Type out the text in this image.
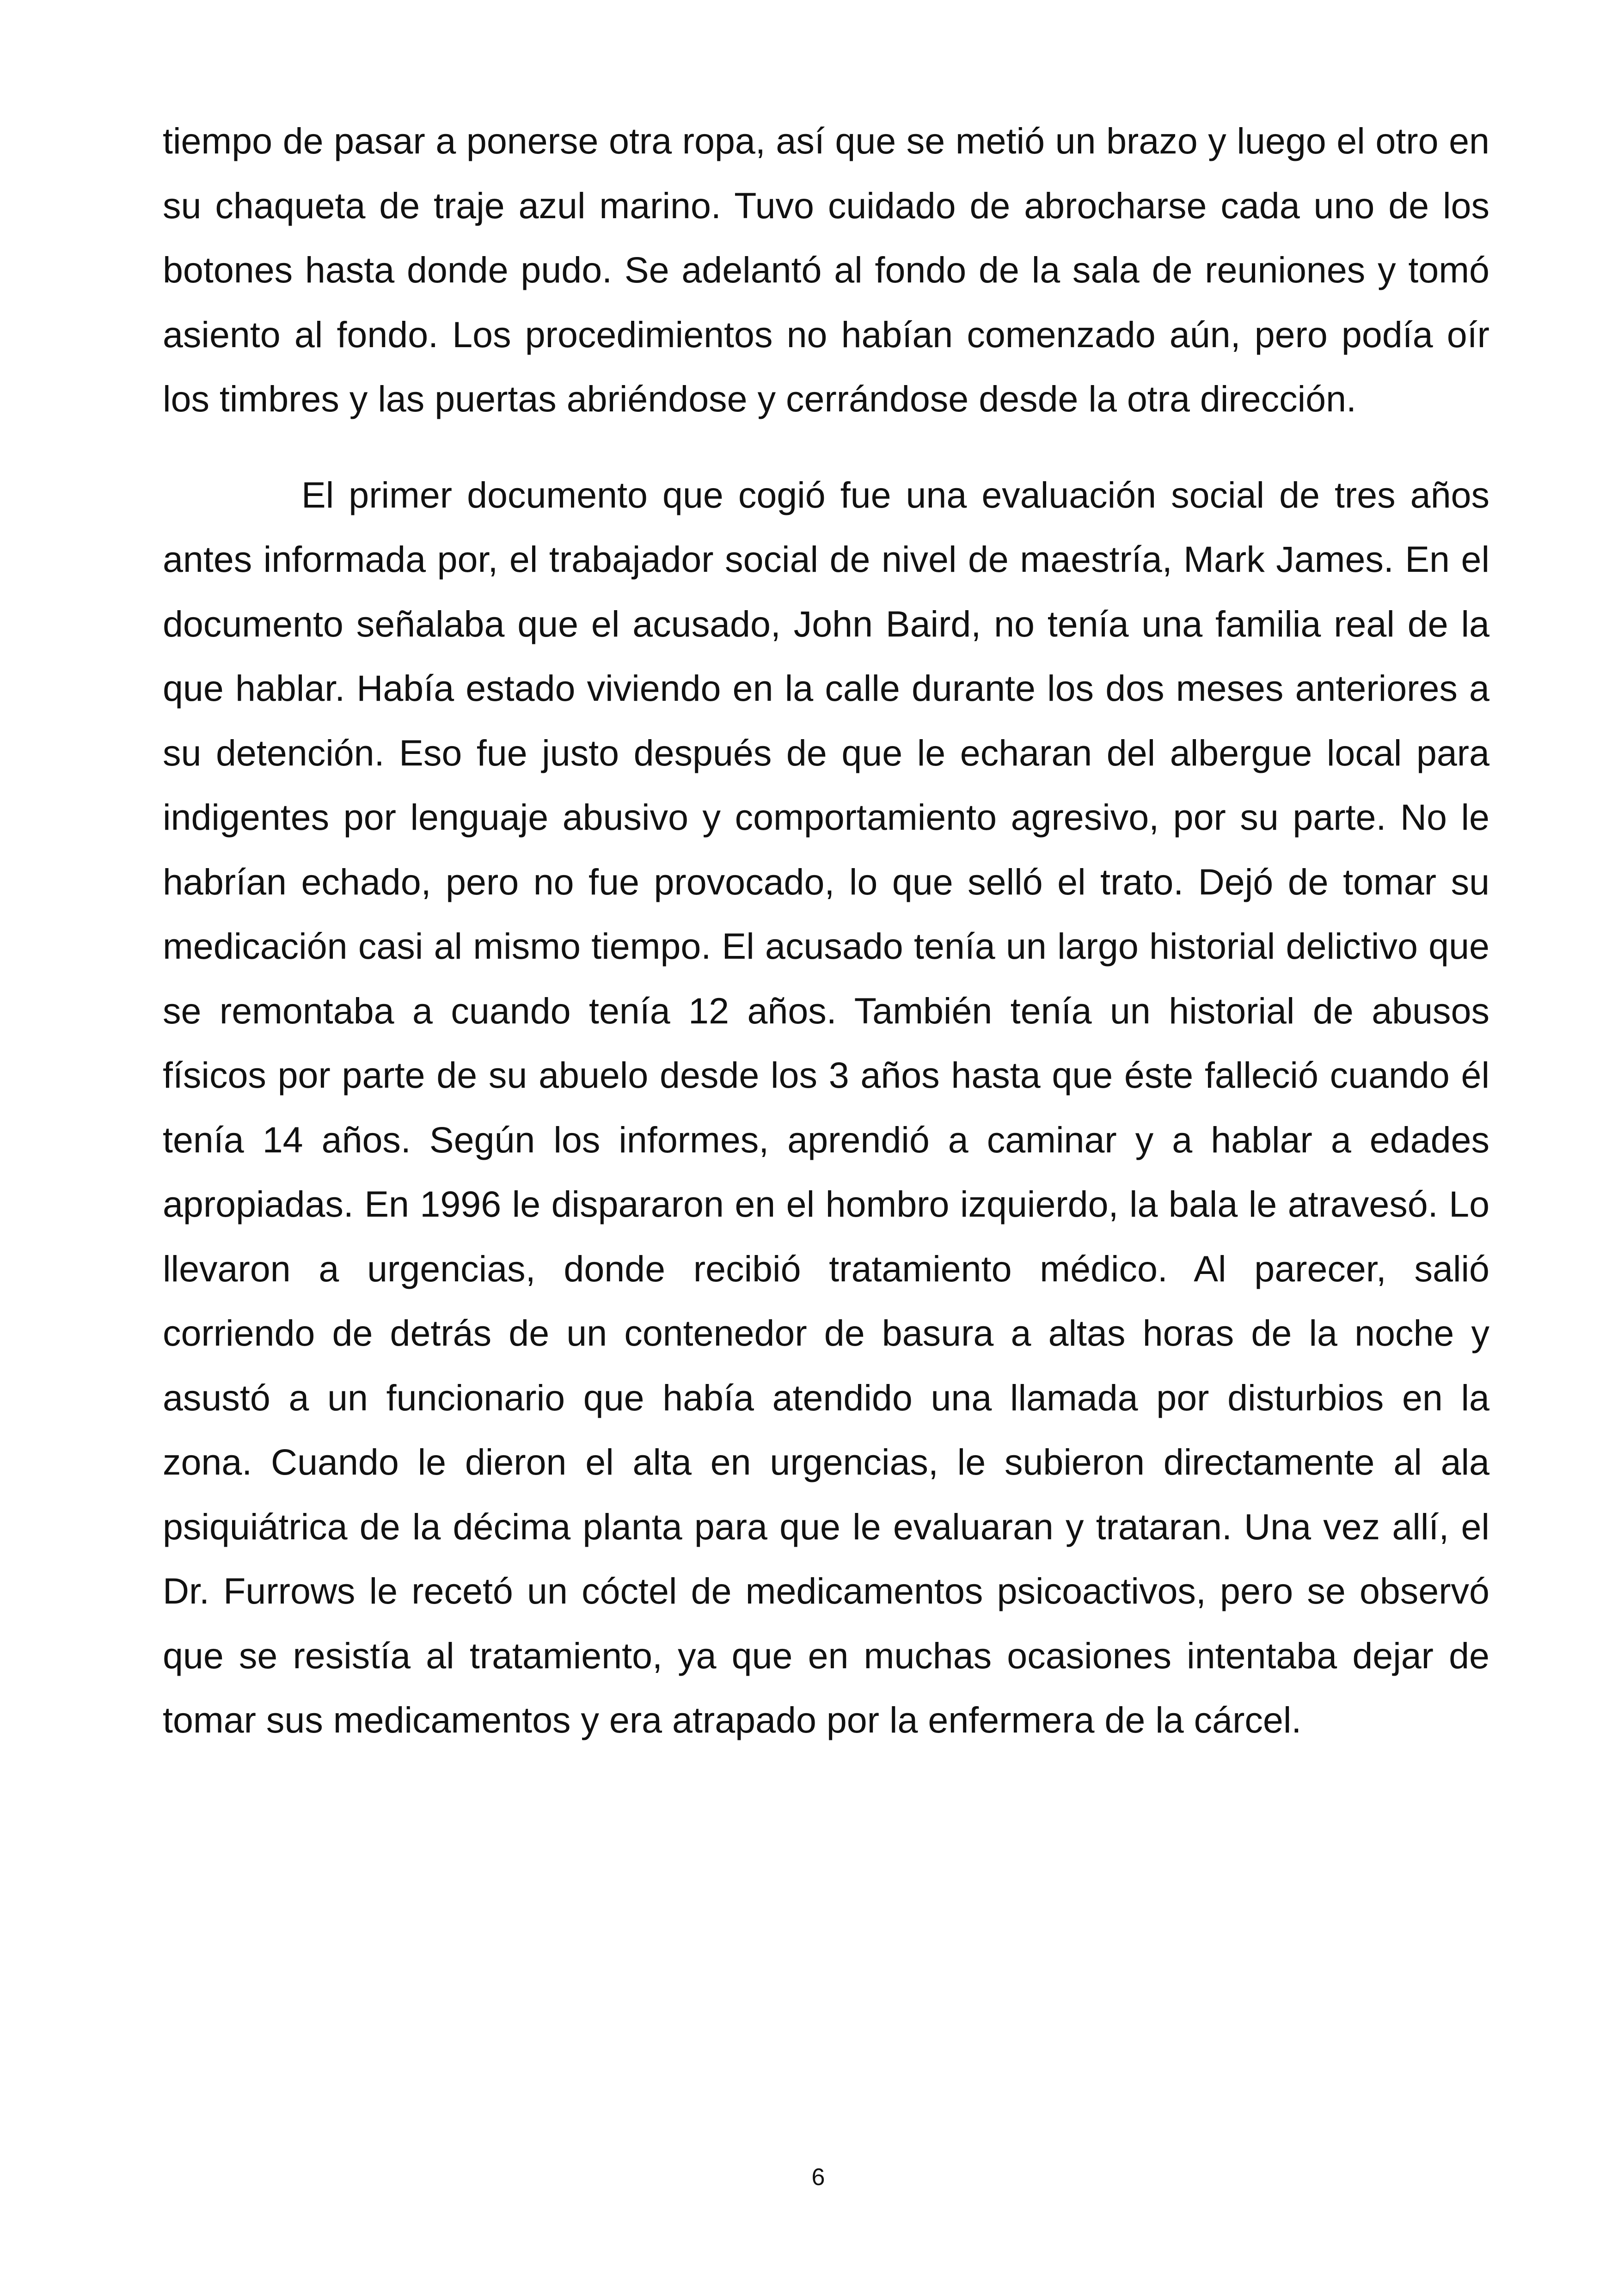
tiempo de pasar a ponerse otra ropa, así que se metió un brazo y luego el otro en su chaqueta de traje azul marino. Tuvo cuidado de abrocharse cada uno de los botones hasta donde pudo. Se adelantó al fondo de la sala de reuniones y tomó asiento al fondo. Los procedimientos no habían comenzado aún, pero podía oír los timbres y las puertas abriéndose y cerrándose desde la otra dirección.

El primer documento que cogió fue una evaluación social de tres años antes informada por, el trabajador social de nivel de maestría, Mark James. En el documento señalaba que el acusado, John Baird, no tenía una familia real de la que hablar. Había estado viviendo en la calle durante los dos meses anteriores a su detención. Eso fue justo después de que le echaran del albergue local para indigentes por lenguaje abusivo y comportamiento agresivo, por su parte. No le habrían echado, pero no fue provocado, lo que selló el trato. Dejó de tomar su medicación casi al mismo tiempo. El acusado tenía un largo historial delictivo que se remontaba a cuando tenía 12 años. También tenía un historial de abusos físicos por parte de su abuelo desde los 3 años hasta que éste falleció cuando él tenía 14 años. Según los informes, aprendió a caminar y a hablar a edades apropiadas. En 1996 le dispararon en el hombro izquierdo, la bala le atravesó. Lo llevaron a urgencias, donde recibió tratamiento médico. Al parecer, salió corriendo de detrás de un contenedor de basura a altas horas de la noche y asustó a un funcionario que había atendido una llamada por disturbios en la zona. Cuando le dieron el alta en urgencias, le subieron directamente al ala psiquiátrica de la décima planta para que le evaluaran y trataran. Una vez allí, el Dr. Furrows le recetó un cóctel de medicamentos psicoactivos, pero se observó que se resistía al tratamiento, ya que en muchas ocasiones intentaba dejar de tomar sus medicamentos y era atrapado por la enfermera de la cárcel.

6
